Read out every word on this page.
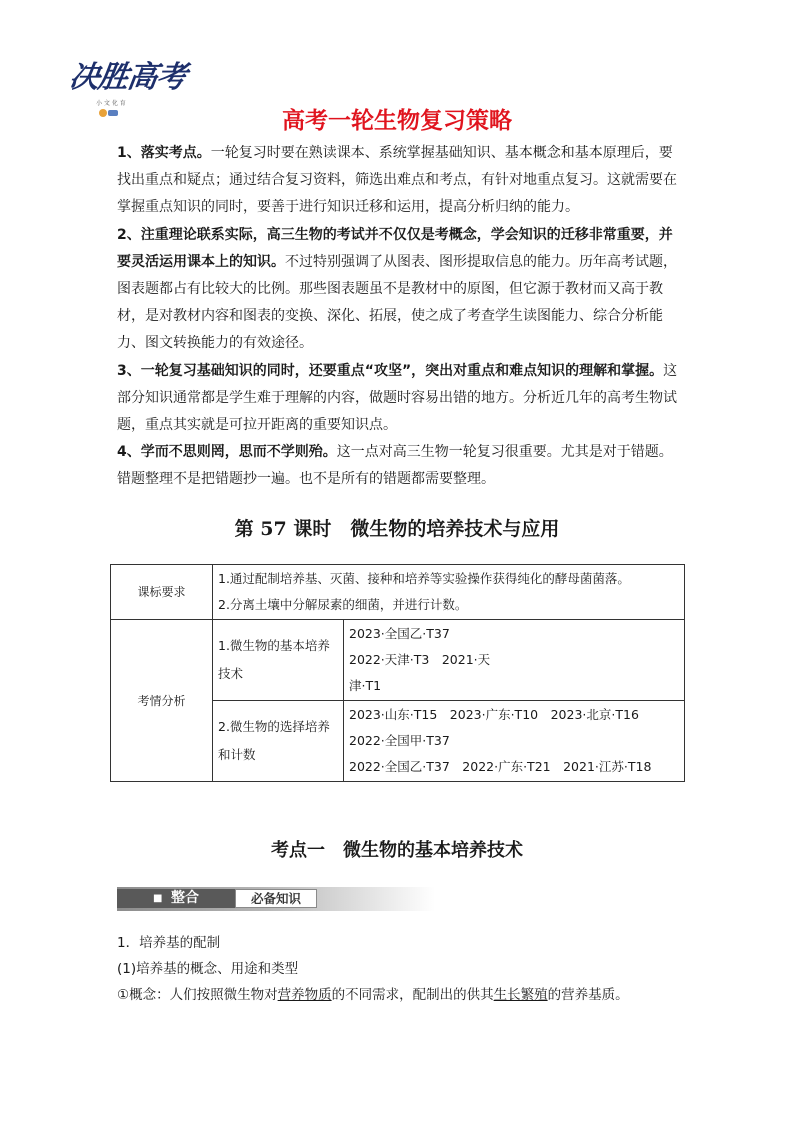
决胜高考
小 文 化 育
高考一轮生物复习策略

1、落实考点。一轮复习时要在熟读课本、系统掌握基础知识、基本概念和基本原理后，要找出重点和疑点；通过结合复习资料，筛选出难点和考点，有针对地重点复习。这就需要在掌握重点知识的同时，要善于进行知识迁移和运用，提高分析归纳的能力。

2、注重理论联系实际，高三生物的考试并不仅仅是考概念，学会知识的迁移非常重要，并要灵活运用课本上的知识。不过特别强调了从图表、图形提取信息的能力。历年高考试题，图表题都占有比较大的比例。那些图表题虽不是教材中的原图，但它源于教材而又高于教材，是对教材内容和图表的变换、深化、拓展，使之成了考查学生读图能力、综合分析能力、图文转换能力的有效途径。

3、一轮复习基础知识的同时，还要重点“攻坚”，突出对重点和难点知识的理解和掌握。这部分知识通常都是学生难于理解的内容，做题时容易出错的地方。分析近几年的高考生物试题，重点其实就是可拉开距离的重要知识点。

4、学而不思则罔，思而不学则殆。这一点对高三生物一轮复习很重要。尤其是对于错题。错题整理不是把错题抄一遍。也不是所有的错题都需要整理。

第 57 课时　微生物的培养技术与应用
课标要求	1.通过配制培养基、灭菌、接种和培养等实验操作获得纯化的酵母菌菌落。
2.分离土壤中分解尿素的细菌，并进行计数。	

考情分析	1.微生物的基本培养技术	2023·全国乙·T37
2022·天津·T3　2021·天
津·T1

	2.微生物的选择培养和计数	2023·山东·T15　2023·广东·T10　2023·北京·T16
2022·全国甲·T37
2022·全国乙·T37　2022·广东·T21　2021·江苏·T18
考点一　微生物的基本培养技术
■ 整合	必备知识

1．培养基的配制

(1)培养基的概念、用途和类型

①概念：人们按照微生物对营养物质的不同需求，配制出的供其生长繁殖的营养基质。
